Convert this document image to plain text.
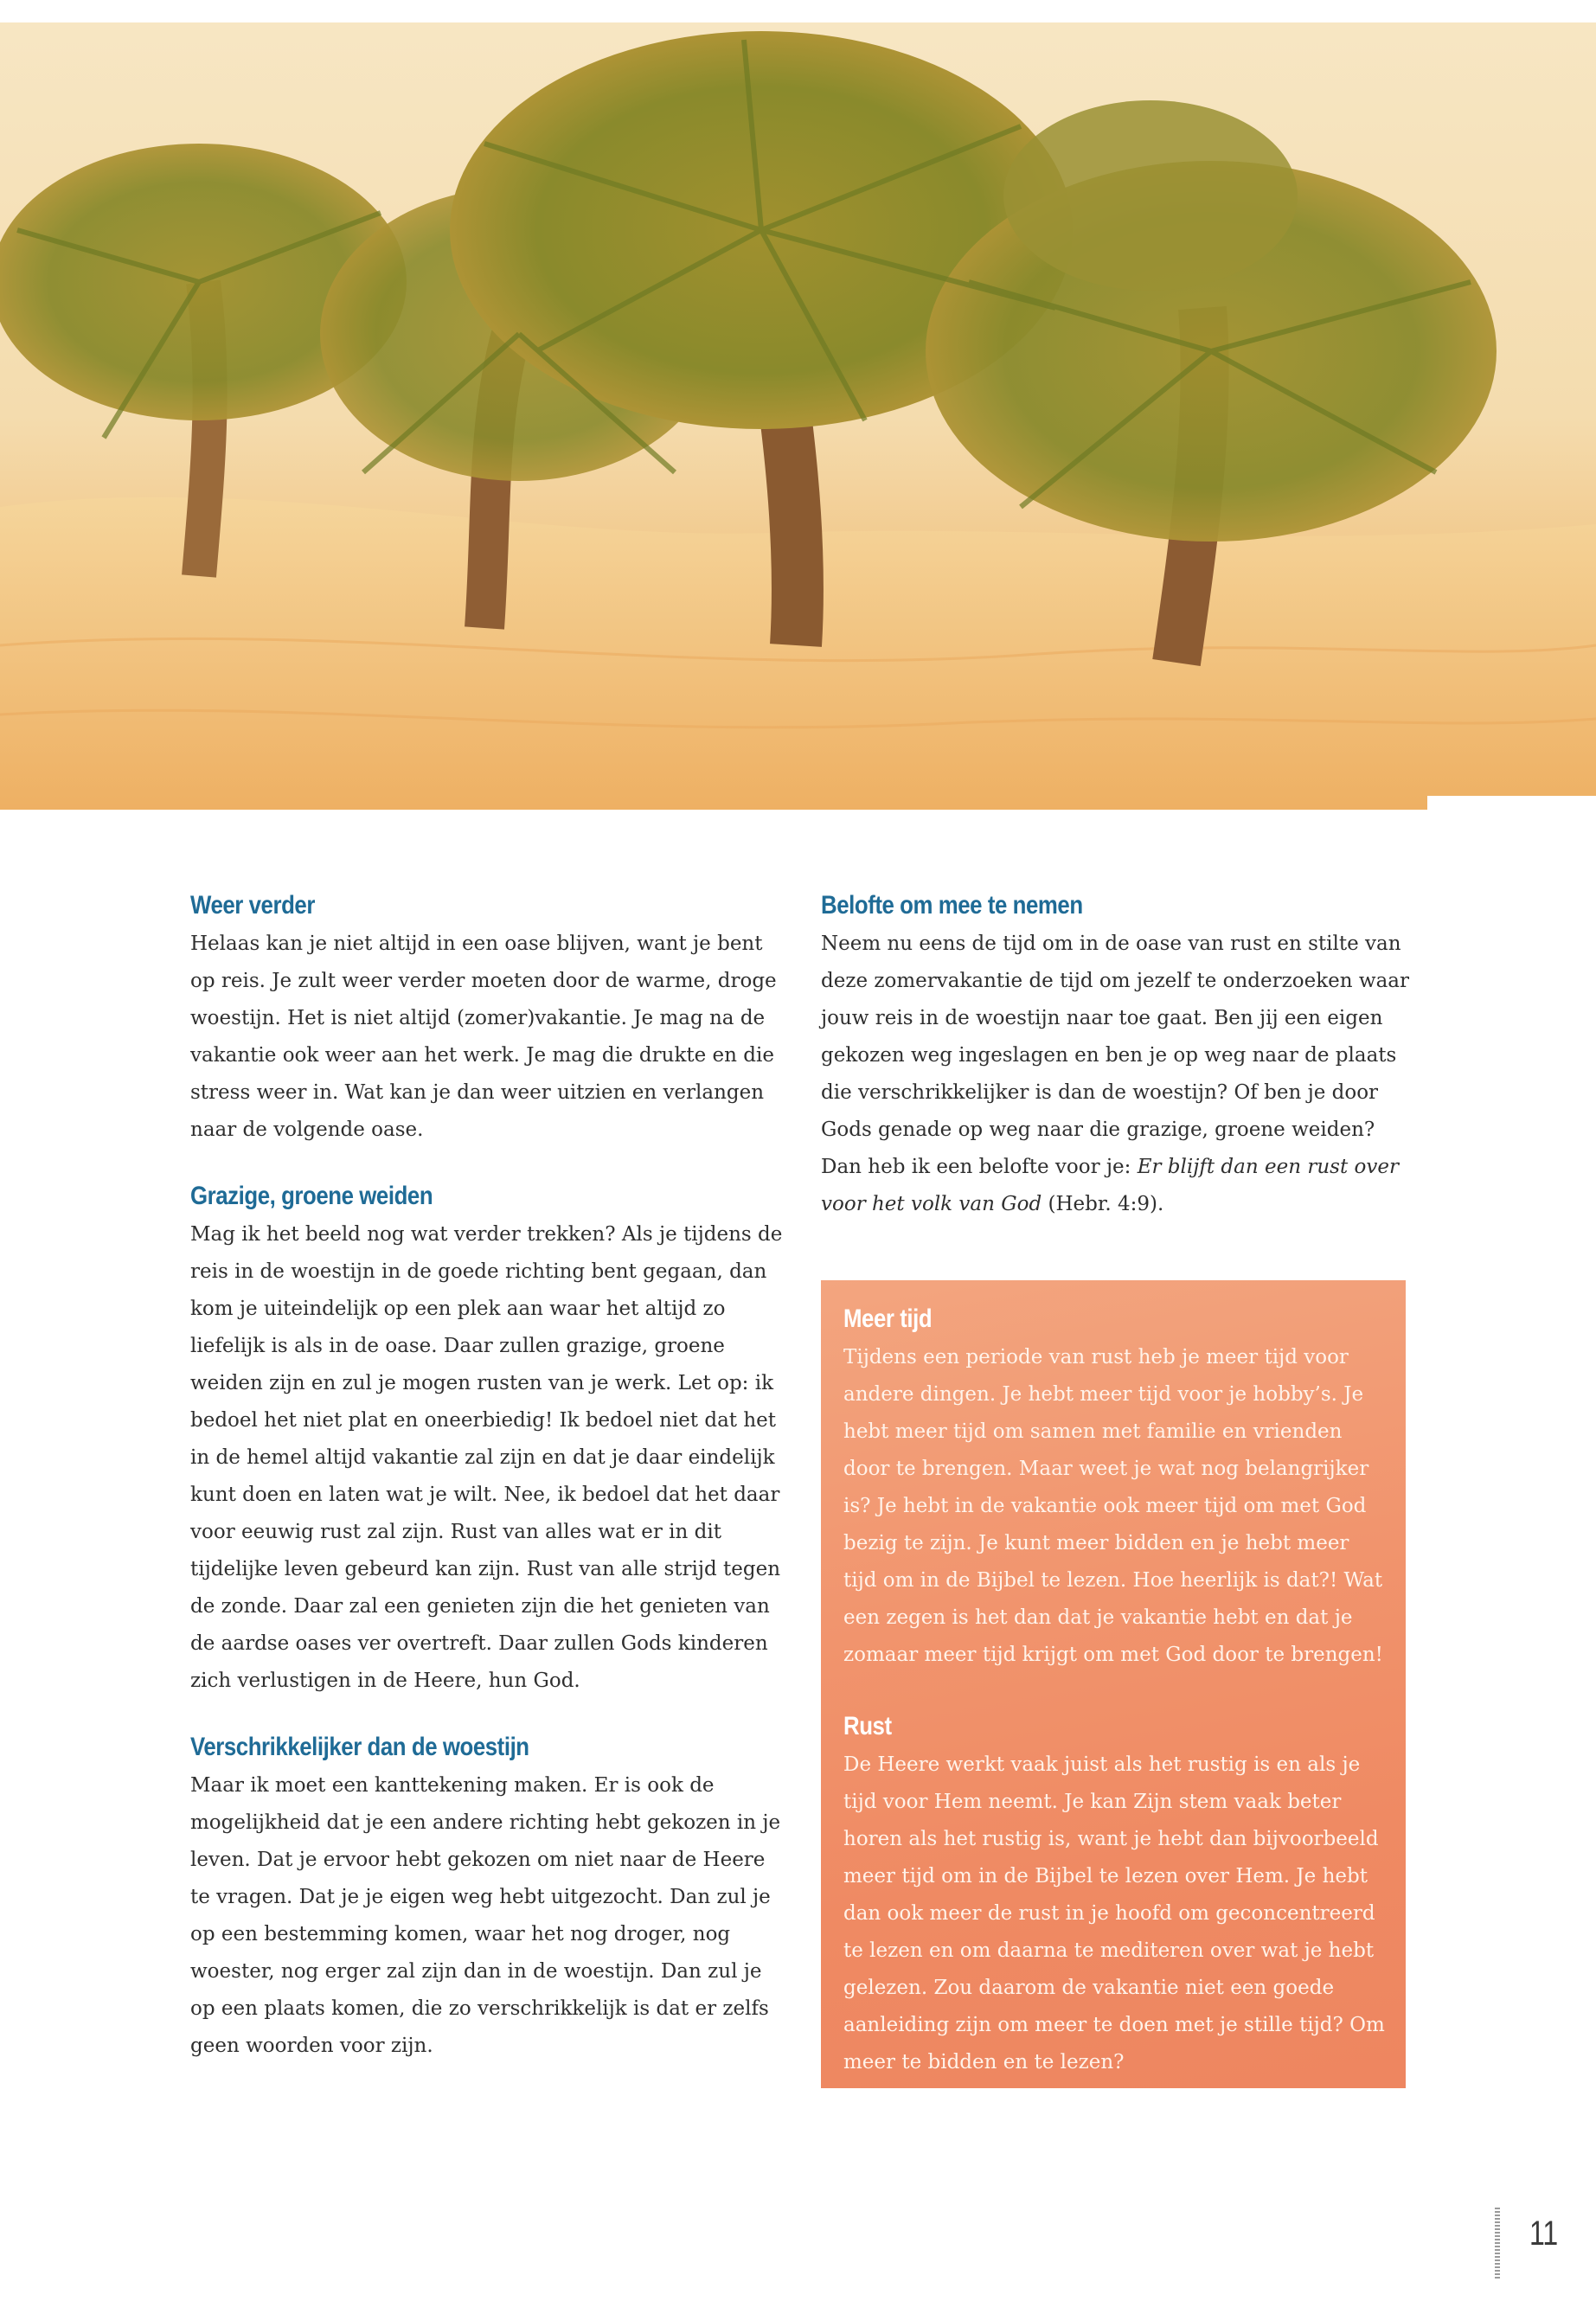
Weer verder

Helaas kan je niet altijd in een oase blijven, want je bent op reis. Je zult weer verder moeten door de warme, droge woestijn. Het is niet altijd (zomer)vakantie. Je mag na de vakantie ook weer aan het werk. Je mag die drukte en die stress weer in. Wat kan je dan weer uitzien en verlangen naar de volgende oase.

Grazige, groene weiden

Mag ik het beeld nog wat verder trekken? Als je tijdens de reis in de woestijn in de goede richting bent gegaan, dan kom je uiteindelijk op een plek aan waar het altijd zo liefelijk is als in de oase. Daar zullen grazige, groene weiden zijn en zul je mogen rusten van je werk. Let op: ik bedoel het niet plat en oneerbiedig! Ik bedoel niet dat het in de hemel altijd vakantie zal zijn en dat je daar eindelijk kunt doen en laten wat je wilt. Nee, ik bedoel dat het daar voor eeuwig rust zal zijn. Rust van alles wat er in dit tijdelijke leven gebeurd kan zijn. Rust van alle strijd tegen de zonde. Daar zal een genieten zijn die het genieten van de aardse oases ver overtreft. Daar zullen Gods kinderen zich verlustigen in de Heere, hun God.

Verschrikkelijker dan de woestijn

Maar ik moet een kanttekening maken. Er is ook de mogelijkheid dat je een andere richting hebt gekozen in je leven. Dat je ervoor hebt gekozen om niet naar de Heere te vragen. Dat je je eigen weg hebt uitgezocht. Dan zul je op een bestemming komen, waar het nog droger, nog woester, nog erger zal zijn dan in de woestijn. Dan zul je op een plaats komen, die zo verschrikkelijk is dat er zelfs geen woorden voor zijn.

Belofte om mee te nemen

Neem nu eens de tijd om in de oase van rust en stilte van deze zomervakantie de tijd om jezelf te onderzoeken waar jouw reis in de woestijn naar toe gaat. Ben jij een eigen gekozen weg ingeslagen en ben je op weg naar de plaats die verschrikkelijker is dan de woestijn? Of ben je door Gods genade op weg naar die grazige, groene weiden? Dan heb ik een belofte voor je: Er blijft dan een rust over voor het volk van God (Hebr. 4:9).

Meer tijd

Tijdens een periode van rust heb je meer tijd voor andere dingen. Je hebt meer tijd voor je hobby’s. Je hebt meer tijd om samen met familie en vrienden door te brengen. Maar weet je wat nog belangrijker is? Je hebt in de vakantie ook meer tijd om met God bezig te zijn. Je kunt meer bidden en je hebt meer tijd om in de Bijbel te lezen. Hoe heerlijk is dat?! Wat een zegen is het dan dat je vakantie hebt en dat je zomaar meer tijd krijgt om met God door te brengen!

Rust

De Heere werkt vaak juist als het rustig is en als je tijd voor Hem neemt. Je kan Zijn stem vaak beter horen als het rustig is, want je hebt dan bijvoorbeeld meer tijd om in de Bijbel te lezen over Hem. Je hebt dan ook meer de rust in je hoofd om geconcentreerd te lezen en om daarna te mediteren over wat je hebt gelezen. Zou daarom de vakantie niet een goede aanleiding zijn om meer te doen met je stille tijd? Om meer te bidden en te lezen?

11
